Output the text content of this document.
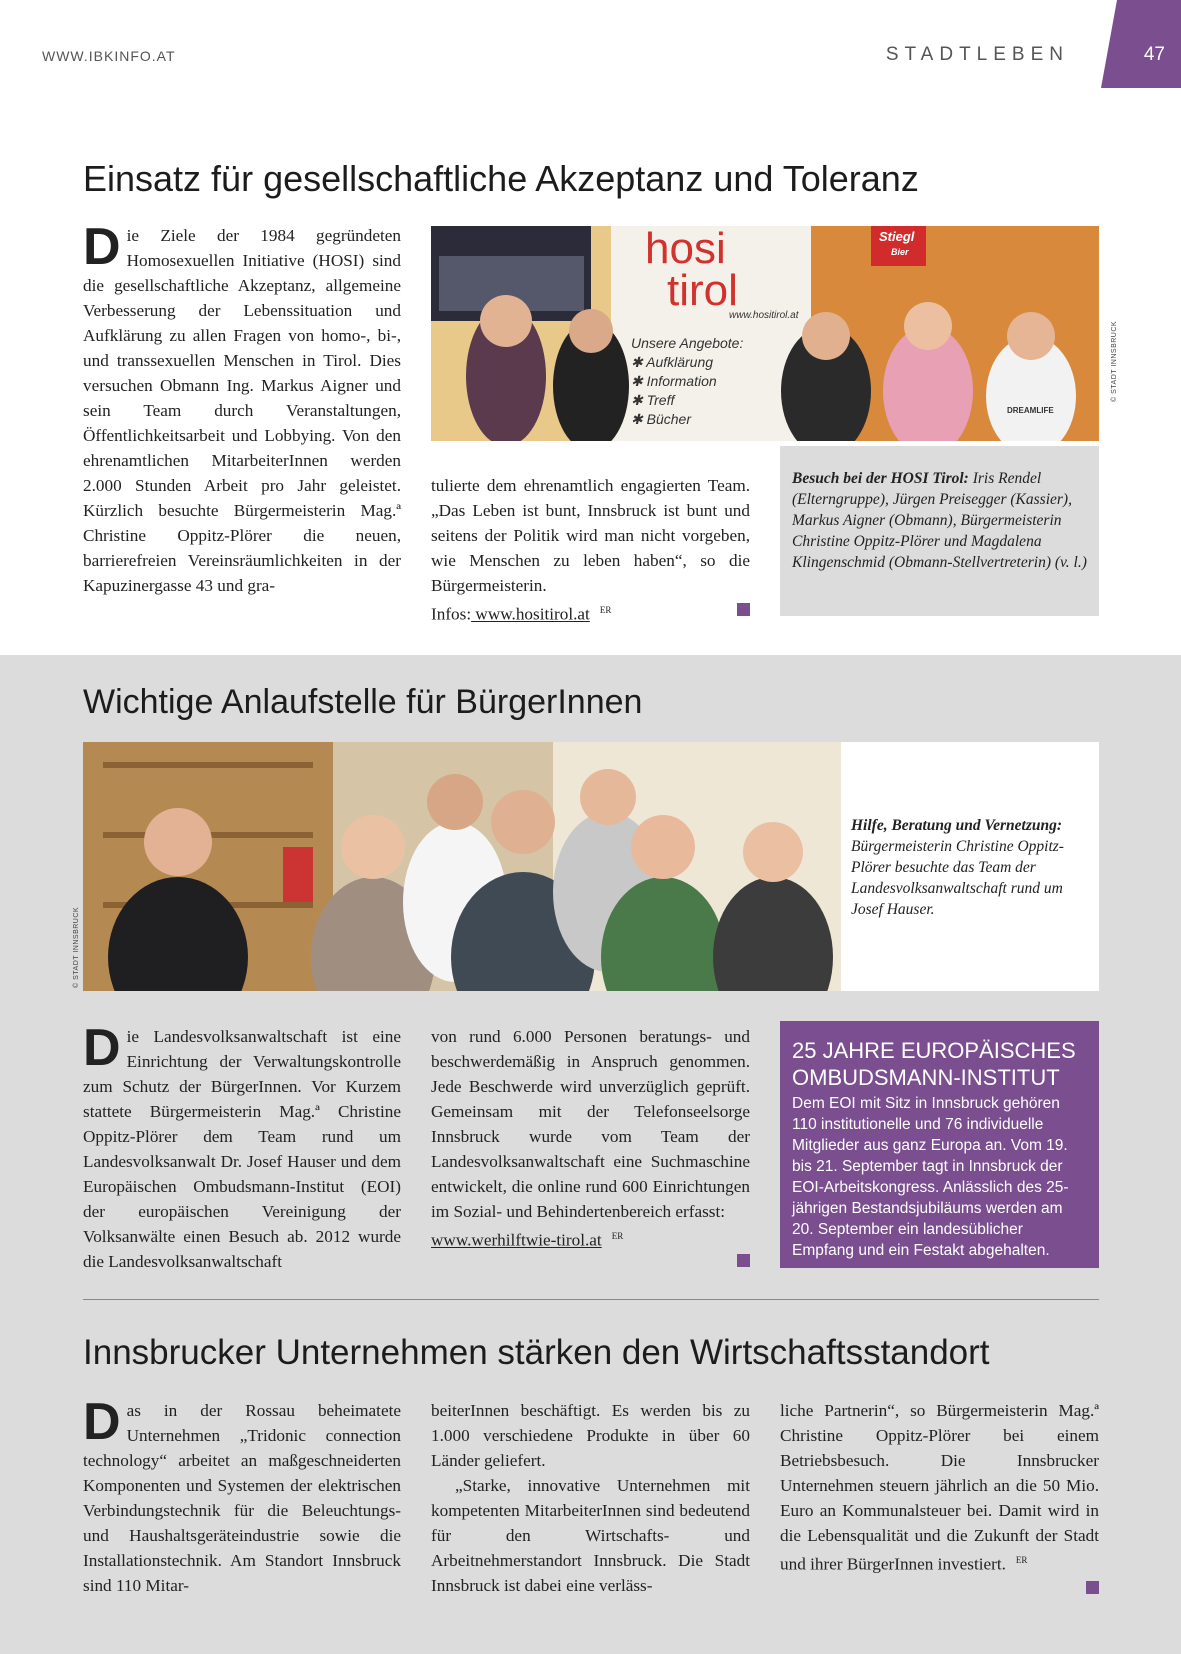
WWW.IBKINFO.AT	STADTLEBEN	47
Einsatz für gesellschaftliche Akzeptanz und Toleranz
Die Ziele der 1984 gegründeten Homosexuellen Initiative (HOSI) sind die gesellschaftliche Akzeptanz, allgemeine Verbesserung der Lebenssituation und Aufklärung zu allen Fragen von homo-, bi-, und transsexuellen Menschen in Tirol. Dies versuchen Obmann Ing. Markus Aigner und sein Team durch Veranstaltungen, Öffentlichkeitsarbeit und Lobbying. Von den ehrenamtlichen MitarbeiterInnen werden 2.000 Stunden Arbeit pro Jahr geleistet. Kürzlich besuchte Bürgermeisterin Mag.ª Christine Oppitz-Plörer die neuen, barrierefreien Vereinsräumlichkeiten in der Kapuzinergasse 43 und gra-
hosi
tirol
www.hositirol.at
Unsere Angebote:
✱ Aufklärung
✱ Information
✱ Treff
✱ Bücher
Stiegl
Bier
DREAMLIFE
© STADT INNSBRUCK
tulierte dem ehrenamtlich engagierten Team. „Das Leben ist bunt, Innsbruck ist bunt und seitens der Politik wird man nicht vorgeben, wie Menschen zu leben haben“, so die Bürgermeisterin.
Infos: www.hositirol.at $^{ER}$
Besuch bei der HOSI Tirol: Iris Rendel (Elterngruppe), Jürgen Preisegger (Kassier), Markus Aigner (Obmann), Bürgermeisterin Christine Oppitz-Plörer und Magdalena Klingenschmid (Obmann-Stellvertreterin) (v. l.)
Wichtige Anlaufstelle für BürgerInnen
© STADT INNSBRUCK
Hilfe, Beratung und Vernetzung: Bürgermeisterin Christine Oppitz-Plörer besuchte das Team der Landesvolksanwaltschaft rund um Josef Hauser.
Die Landesvolksanwaltschaft ist eine Einrichtung der Verwaltungskontrolle zum Schutz der BürgerInnen. Vor Kurzem stattete Bürgermeisterin Mag.ª Christine Oppitz-Plörer dem Team rund um Landesvolksanwalt Dr. Josef Hauser und dem Europäischen Ombudsmann-Institut (EOI) der europäischen Vereinigung der Volksanwälte einen Besuch ab. 2012 wurde die Landesvolksanwaltschaft
von rund 6.000 Personen beratungs- und beschwerdemäßig in Anspruch genommen. Jede Beschwerde wird unverzüglich geprüft. Gemeinsam mit der Telefonseelsorge Innsbruck wurde vom Team der Landesvolksanwaltschaft eine Suchmaschine entwickelt, die online rund 600 Einrichtungen im Sozial- und Behindertenbereich erfasst:
www.werhilftwie-tirol.at $^{ER}$
25 JAHRE EUROPÄISCHES OMBUDSMANN-INSTITUT
Dem EOI mit Sitz in Innsbruck gehören 110 institutionelle und 76 individuelle Mitglieder aus ganz Europa an. Vom 19. bis 21. September tagt in Innsbruck der EOI-Arbeitskongress. Anlässlich des 25-jährigen Bestandsjubiläums werden am 20. September ein landesüblicher Empfang und ein Festakt abgehalten.
Innsbrucker Unternehmen stärken den Wirtschaftsstandort
Das in der Rossau beheimatete Unternehmen „Tridonic connection technology“ arbeitet an maßgeschneiderten Komponenten und Systemen der elektrischen Verbindungstechnik für die Beleuchtungs- und Haushaltsgeräteindustrie sowie die Installationstechnik. Am Standort Innsbruck sind 110 Mitar-

beiterInnen beschäftigt. Es werden bis zu 1.000 verschiedene Produkte in über 60 Länder geliefert.

„Starke, innovative Unternehmen mit kompetenten MitarbeiterInnen sind bedeutend für den Wirtschafts- und Arbeitnehmerstandort Innsbruck. Die Stadt Innsbruck ist dabei eine verläss-

liche Partnerin“, so Bürgermeisterin Mag.ª Christine Oppitz-Plörer bei einem Betriebsbesuch. Die Innsbrucker Unternehmen steuern jährlich an die 50 Mio. Euro an Kommunalsteuer bei. Damit wird in die Lebensqualität und die Zukunft der Stadt und ihrer BürgerInnen investiert. $^{ER}$
